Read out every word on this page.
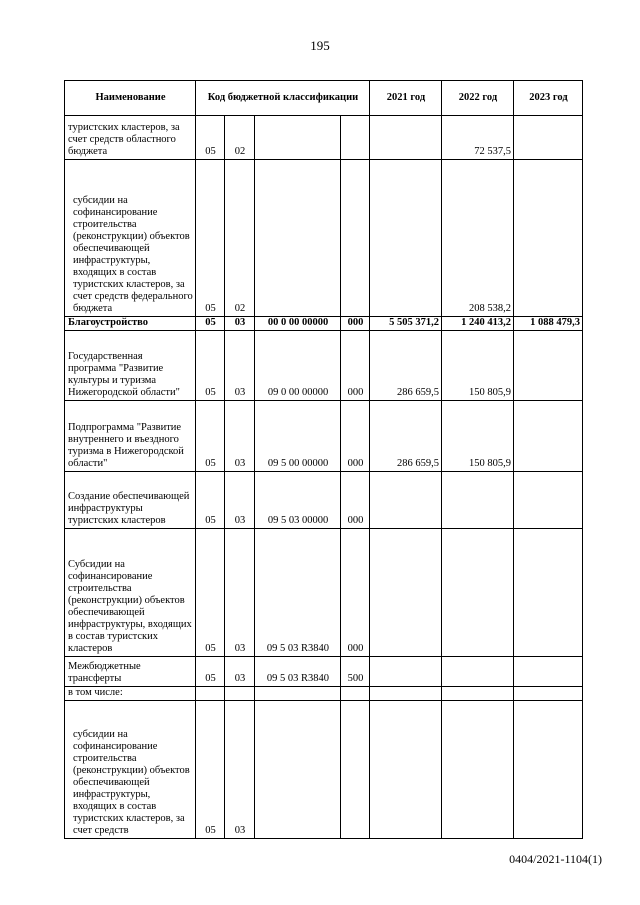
195
Наименование	Код бюджетной классификации				2021 год	2022 год	2023 год
туристских кластеров, за счет средств областного бюджета	05	02				72 537,5	
субсидии на софинансирование строительства (реконструкции) объектов обеспечивающей инфраструктуры, входящих в состав туристских кластеров, за счет средств федерального бюджета	05	02				208 538,2	
Благоустройство	05	03	00 0 00 00000	000	5 505 371,2	1 240 413,2	1 088 479,3
Государственная программа "Развитие культуры и туризма Нижегородской области"	05	03	09 0 00 00000	000	286 659,5	150 805,9	
Подпрограмма "Развитие внутреннего и въездного туризма в Нижегородской области"	05	03	09 5 00 00000	000	286 659,5	150 805,9	
Создание обеспечивающей инфраструктуры туристских кластеров	05	03	09 5 03 00000	000			
Субсидии на софинансирование строительства (реконструкции) объектов обеспечивающей инфраструктуры, входящих в состав туристских кластеров	05	03	09 5 03 R3840	000			
Межбюджетные трансферты	05	03	09 5 03 R3840	500			
в том числе:							
субсидии на софинансирование строительства (реконструкции) объектов обеспечивающей инфраструктуры, входящих в состав туристских кластеров, за счет средств	05	03					
0404/2021-1104(1)
